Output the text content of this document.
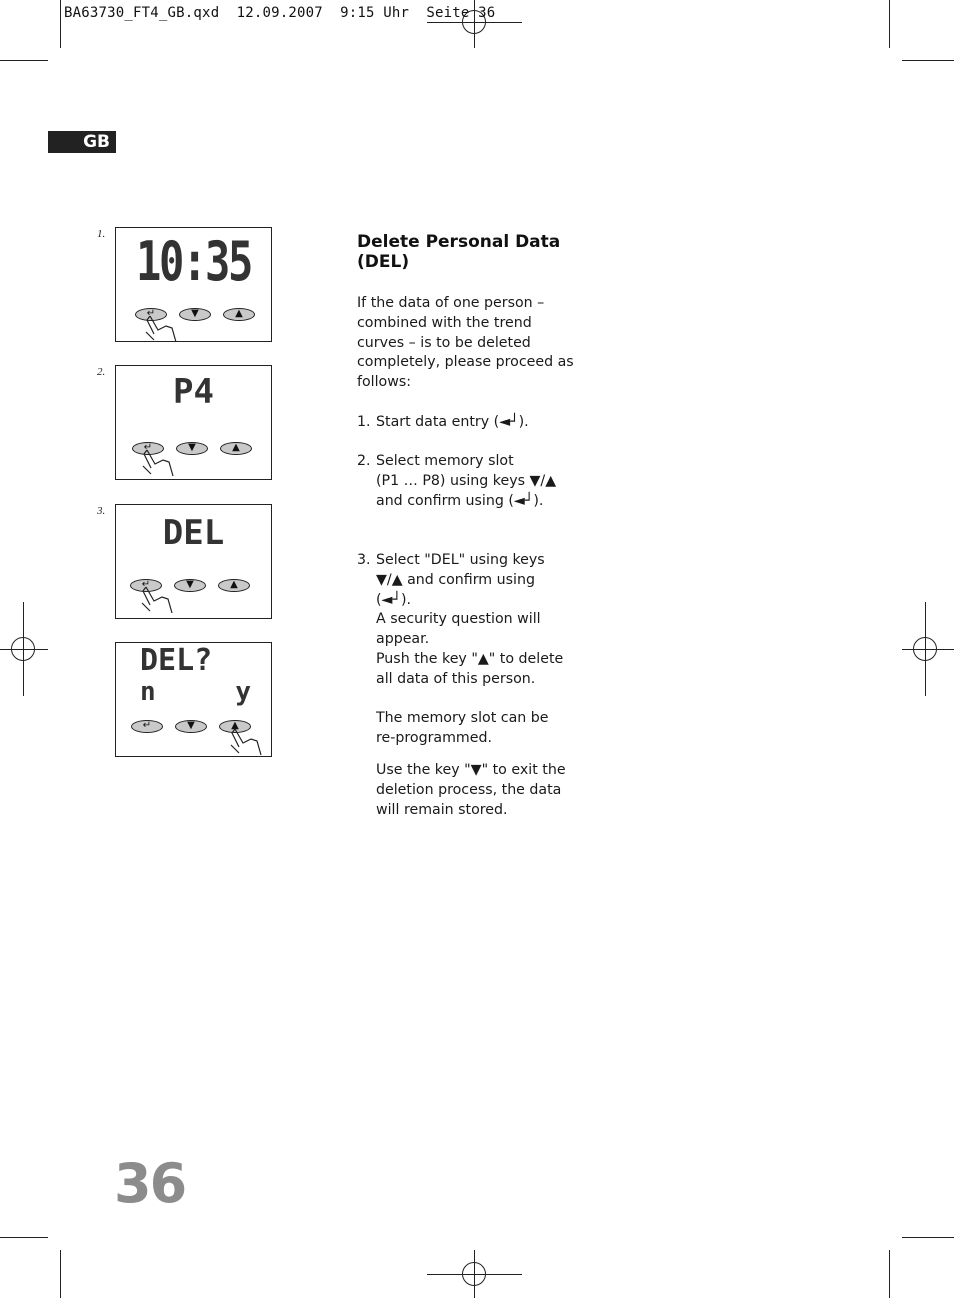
BA63730_FT4_GB.qxd  12.09.2007  9:15 Uhr  Seite 36
GB
1. 10:35
↵	▼	▲
2.	P4
↵	▼	▲
3.
DEL
↵	▼	▲
DEL?
n	y
↵	▼	▲
Delete Personal Data
(DEL)
If the data of one person –
combined with the trend
curves – is to be deleted
completely, please proceed as
follows:
1. Start data entry (◄┘).
2. Select memory slot
(P1 … P8) using keys ▼/▲
and confirm using (◄┘).
3. Select "DEL" using keys
▼/▲ and confirm using
(◄┘).
A security question will
appear.
Push the key "▲" to delete
all data of this person.
The memory slot can be
re-programmed.
Use the key "▼" to exit the
deletion process, the data
will remain stored.
36
